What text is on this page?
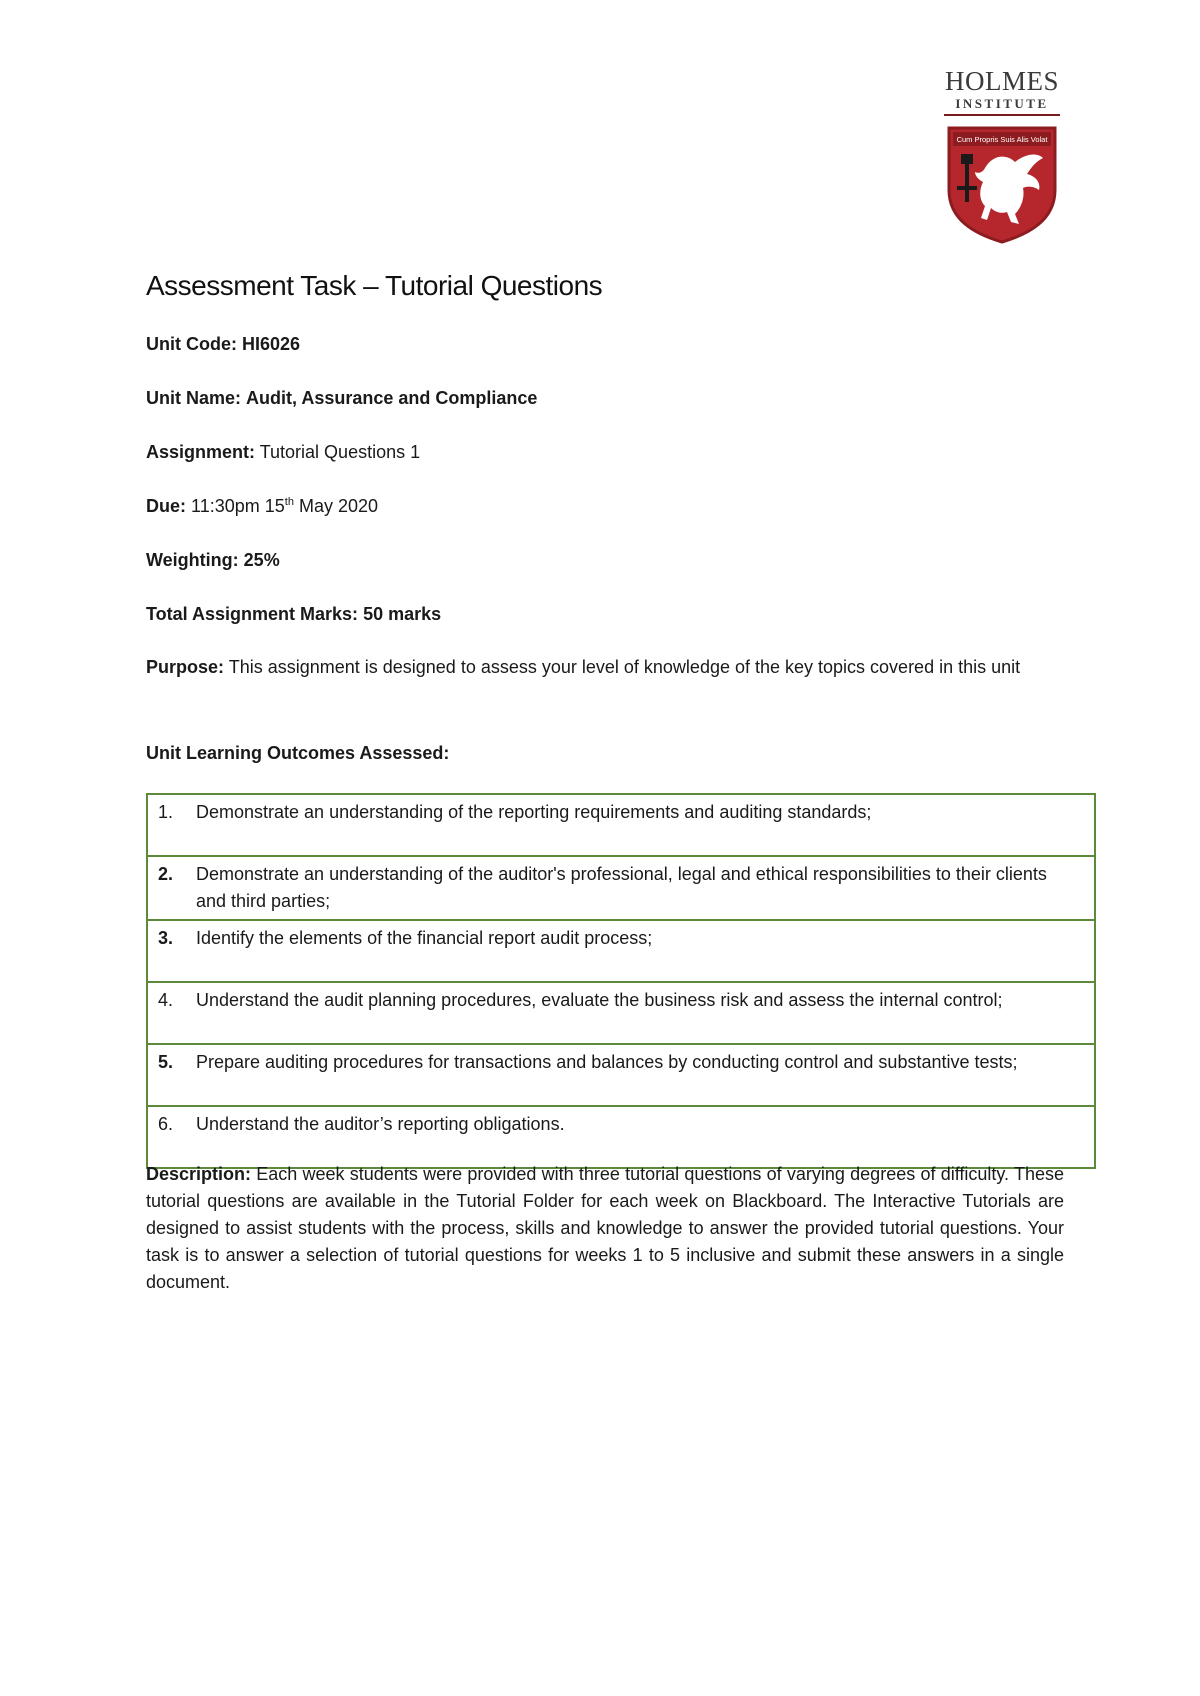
HOLMES
INSTITUTE
Cum Propris Suis Alis Volat
Assessment Task – Tutorial Questions
Unit Code: HI6026
Unit Name: Audit, Assurance and Compliance
Assignment: Tutorial Questions 1
Due: 11:30pm 15th May 2020
Weighting: 25%
Total Assignment Marks: 50 marks
Purpose: This assignment is designed to assess your level of knowledge of the key topics covered in this unit
Unit Learning Outcomes Assessed:
1.	Demonstrate an understanding of the reporting requirements and auditing standards;

2.	Demonstrate an understanding of the auditor's professional, legal and ethical responsibilities to their clients and third parties;

3.	Identify the elements of the financial report audit process;

4.	Understand the audit planning procedures, evaluate the business risk and assess the internal control;

5.	Prepare auditing procedures for transactions and balances by conducting control and substantive tests;

6.	Understand the auditor’s reporting obligations.
Description: Each week students were provided with three tutorial questions of varying degrees of difficulty. These tutorial questions are available in the Tutorial Folder for each week on Blackboard. The Interactive Tutorials are designed to assist students with the process, skills and knowledge to answer the provided tutorial questions. Your task is to answer a selection of tutorial questions for weeks 1 to 5 inclusive and submit these answers in a single document.
